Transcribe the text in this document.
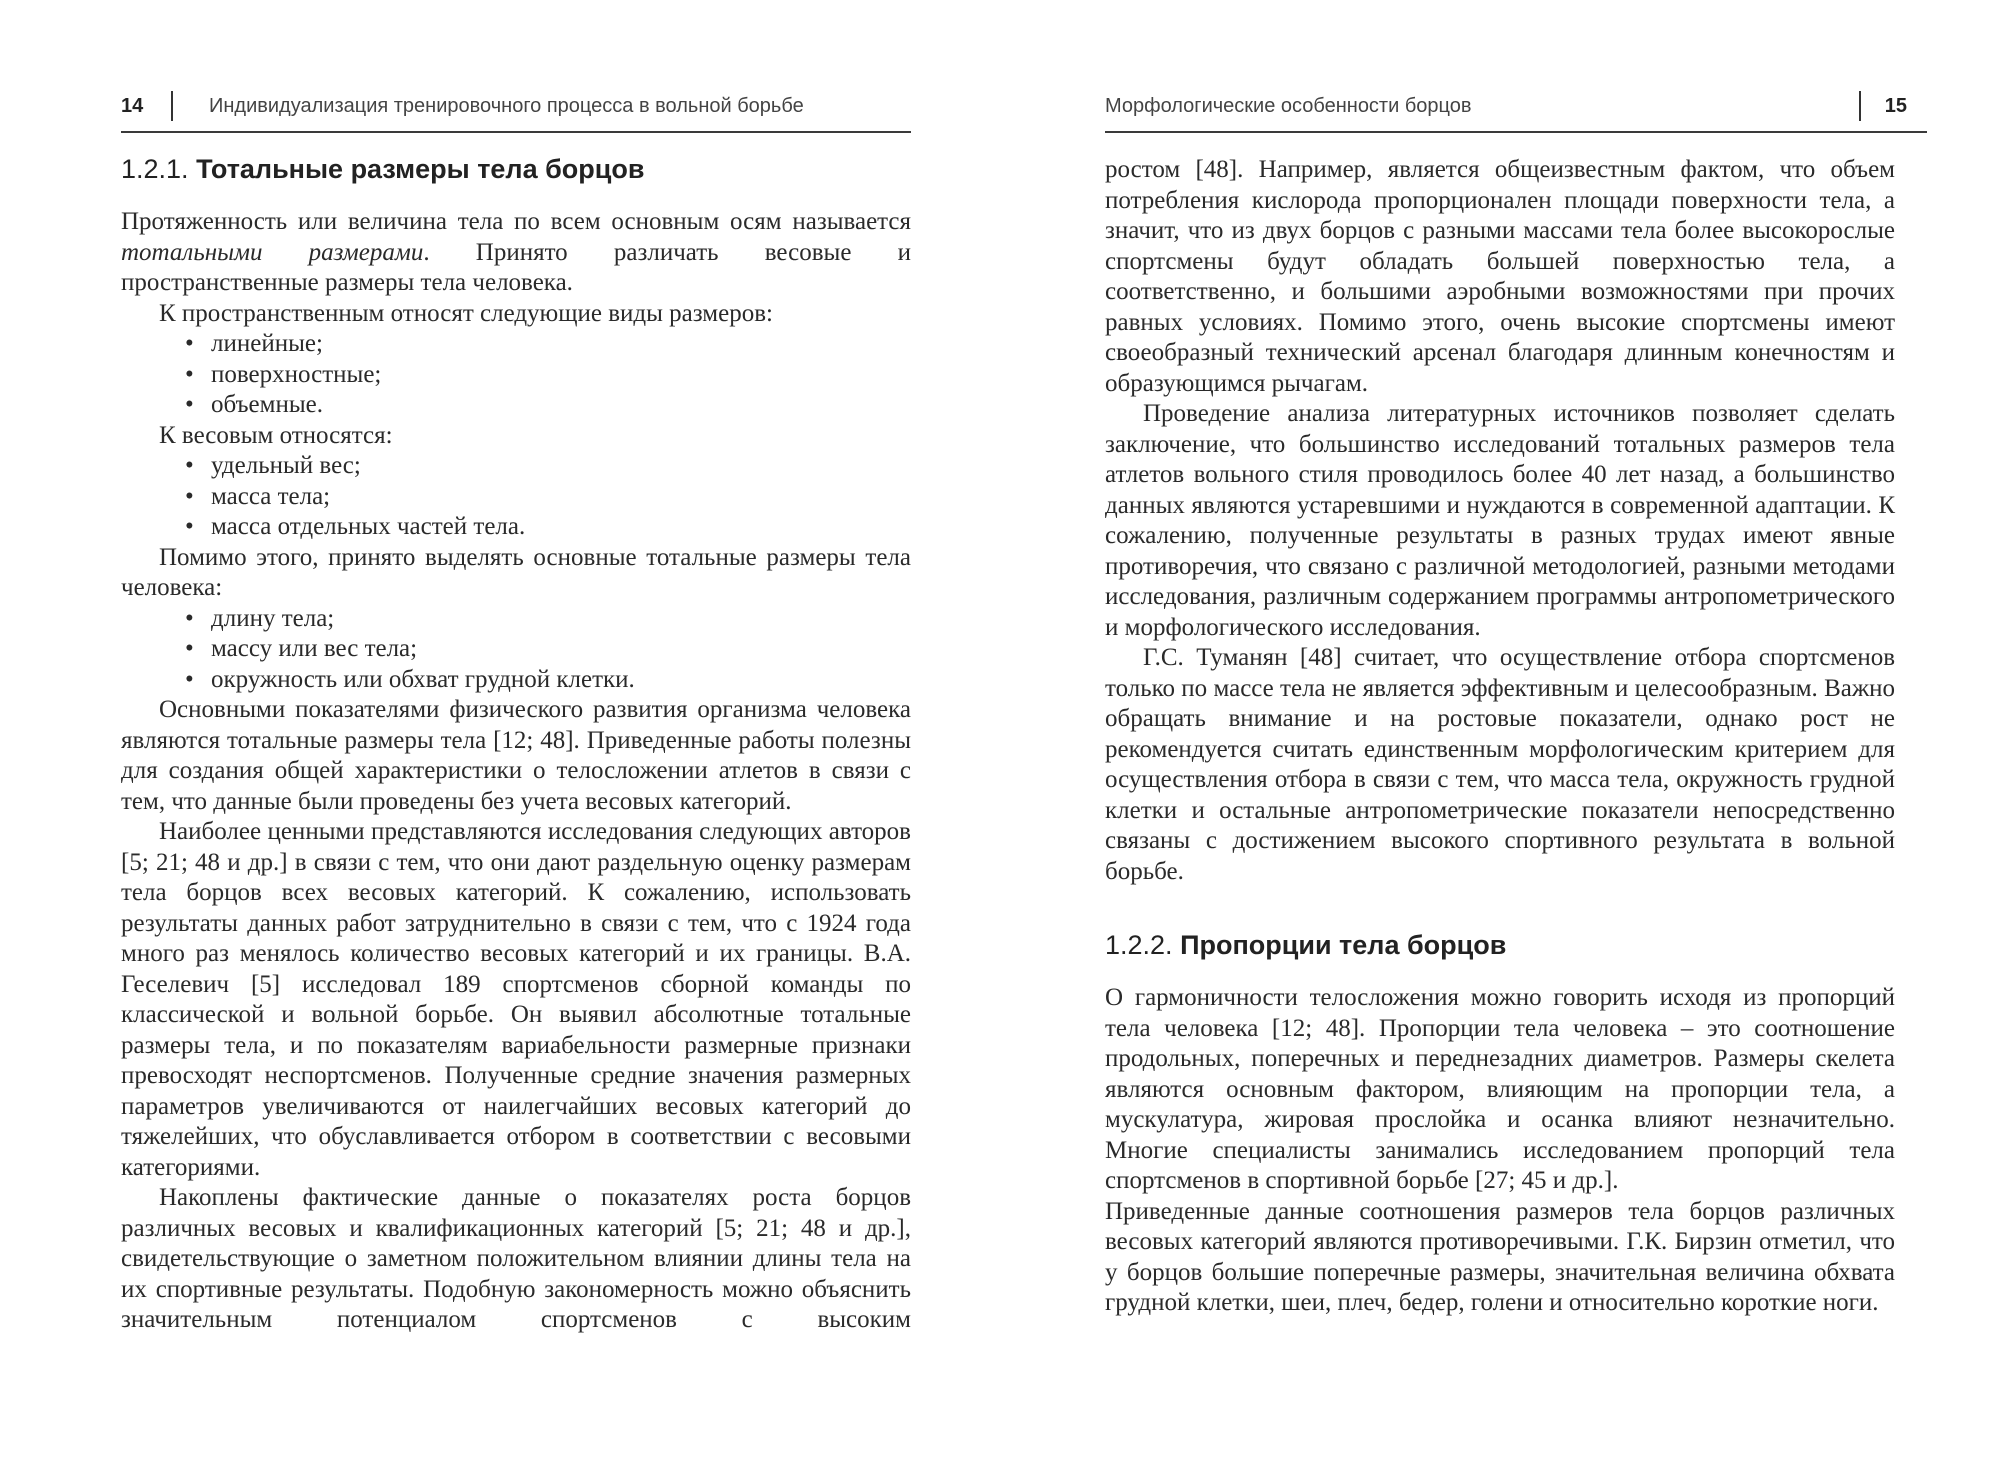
14	Индивидуализация тренировочного процесса в вольной борьбе
1.2.1. Тотальные размеры тела борцов

Протяженность или величина тела по всем основным осям называется тотальными размерами. Принято различать весовые и пространственные размеры тела человека.

К пространственным относят следующие виды размеров:

• линейные;
• поверхностные;
• объемные.

К весовым относятся:

• удельный вес;
• масса тела;
• масса отдельных частей тела.

Помимо этого, принято выделять основные тотальные размеры тела человека:

• длину тела;
• массу или вес тела;
• окружность или обхват грудной клетки.

Основными показателями физического развития организма человека являются тотальные размеры тела [12; 48]. Приведенные работы полезны для создания общей характеристики о телосложении атлетов в связи с тем, что данные были проведены без учета весовых категорий.

Наиболее ценными представляются исследования следующих авторов [5; 21; 48 и др.] в связи с тем, что они дают раздельную оценку размерам тела борцов всех весовых категорий. К сожалению, использовать результаты данных работ затруднительно в связи с тем, что с 1924 года много раз менялось количество весовых категорий и их границы. В.А. Геселевич [5] исследовал 189 спортсменов сборной команды по классической и вольной борьбе. Он выявил абсолютные тотальные размеры тела, и по показателям вариабельности размерные признаки превосходят неспортсменов. Полученные средние значения размерных параметров увеличиваются от наилегчайших весовых категорий до тяжелейших, что обуславливается отбором в соответствии с весовыми категориями.

Накоплены фактические данные о показателях роста борцов различных весовых и квалификационных категорий [5; 21; 48 и др.], свидетельствующие о заметном положительном влиянии длины тела на их спортивные результаты. Подобную закономерность можно объяснить значительным потенциалом спортсменов с высоким

Морфологические особенности борцов	15

ростом [48]. Например, является общеизвестным фактом, что объем потребления кислорода пропорционален площади поверхности тела, а значит, что из двух борцов с разными массами тела более высокорослые спортсмены будут обладать большей поверхностью тела, а соответственно, и большими аэробными возможностями при прочих равных условиях. Помимо этого, очень высокие спортсмены имеют своеобразный технический арсенал благодаря длинным конечностям и образующимся рычагам.

Проведение анализа литературных источников позволяет сделать заключение, что большинство исследований тотальных размеров тела атлетов вольного стиля проводилось более 40 лет назад, а большинство данных являются устаревшими и нуждаются в современной адаптации. К сожалению, полученные результаты в разных трудах имеют явные противоречия, что связано с различной методологией, разными методами исследования, различным содержанием программы антропометрического и морфологического исследования.

Г.С. Туманян [48] считает, что осуществление отбора спортсменов только по массе тела не является эффективным и целесообразным. Важно обращать внимание и на ростовые показатели, однако рост не рекомендуется считать единственным морфологическим критерием для осуществления отбора в связи с тем, что масса тела, окружность грудной клетки и остальные антропометрические показатели непосредственно связаны с достижением высокого спортивного результата в вольной борьбе.

1.2.2. Пропорции тела борцов

О гармоничности телосложения можно говорить исходя из пропорций тела человека [12; 48]. Пропорции тела человека – это соотношение продольных, поперечных и переднезадних диаметров. Размеры скелета являются основным фактором, влияющим на пропорции тела, а мускулатура, жировая прослойка и осанка влияют незначительно. Многие специалисты занимались исследованием пропорций тела спортсменов в спортивной борьбе [27; 45 и др.].

Приведенные данные соотношения размеров тела борцов различных весовых категорий являются противоречивыми. Г.К. Бирзин отметил, что у борцов большие поперечные размеры, значительная величина обхвата грудной клетки, шеи, плеч, бедер, голени и относительно короткие ноги.
